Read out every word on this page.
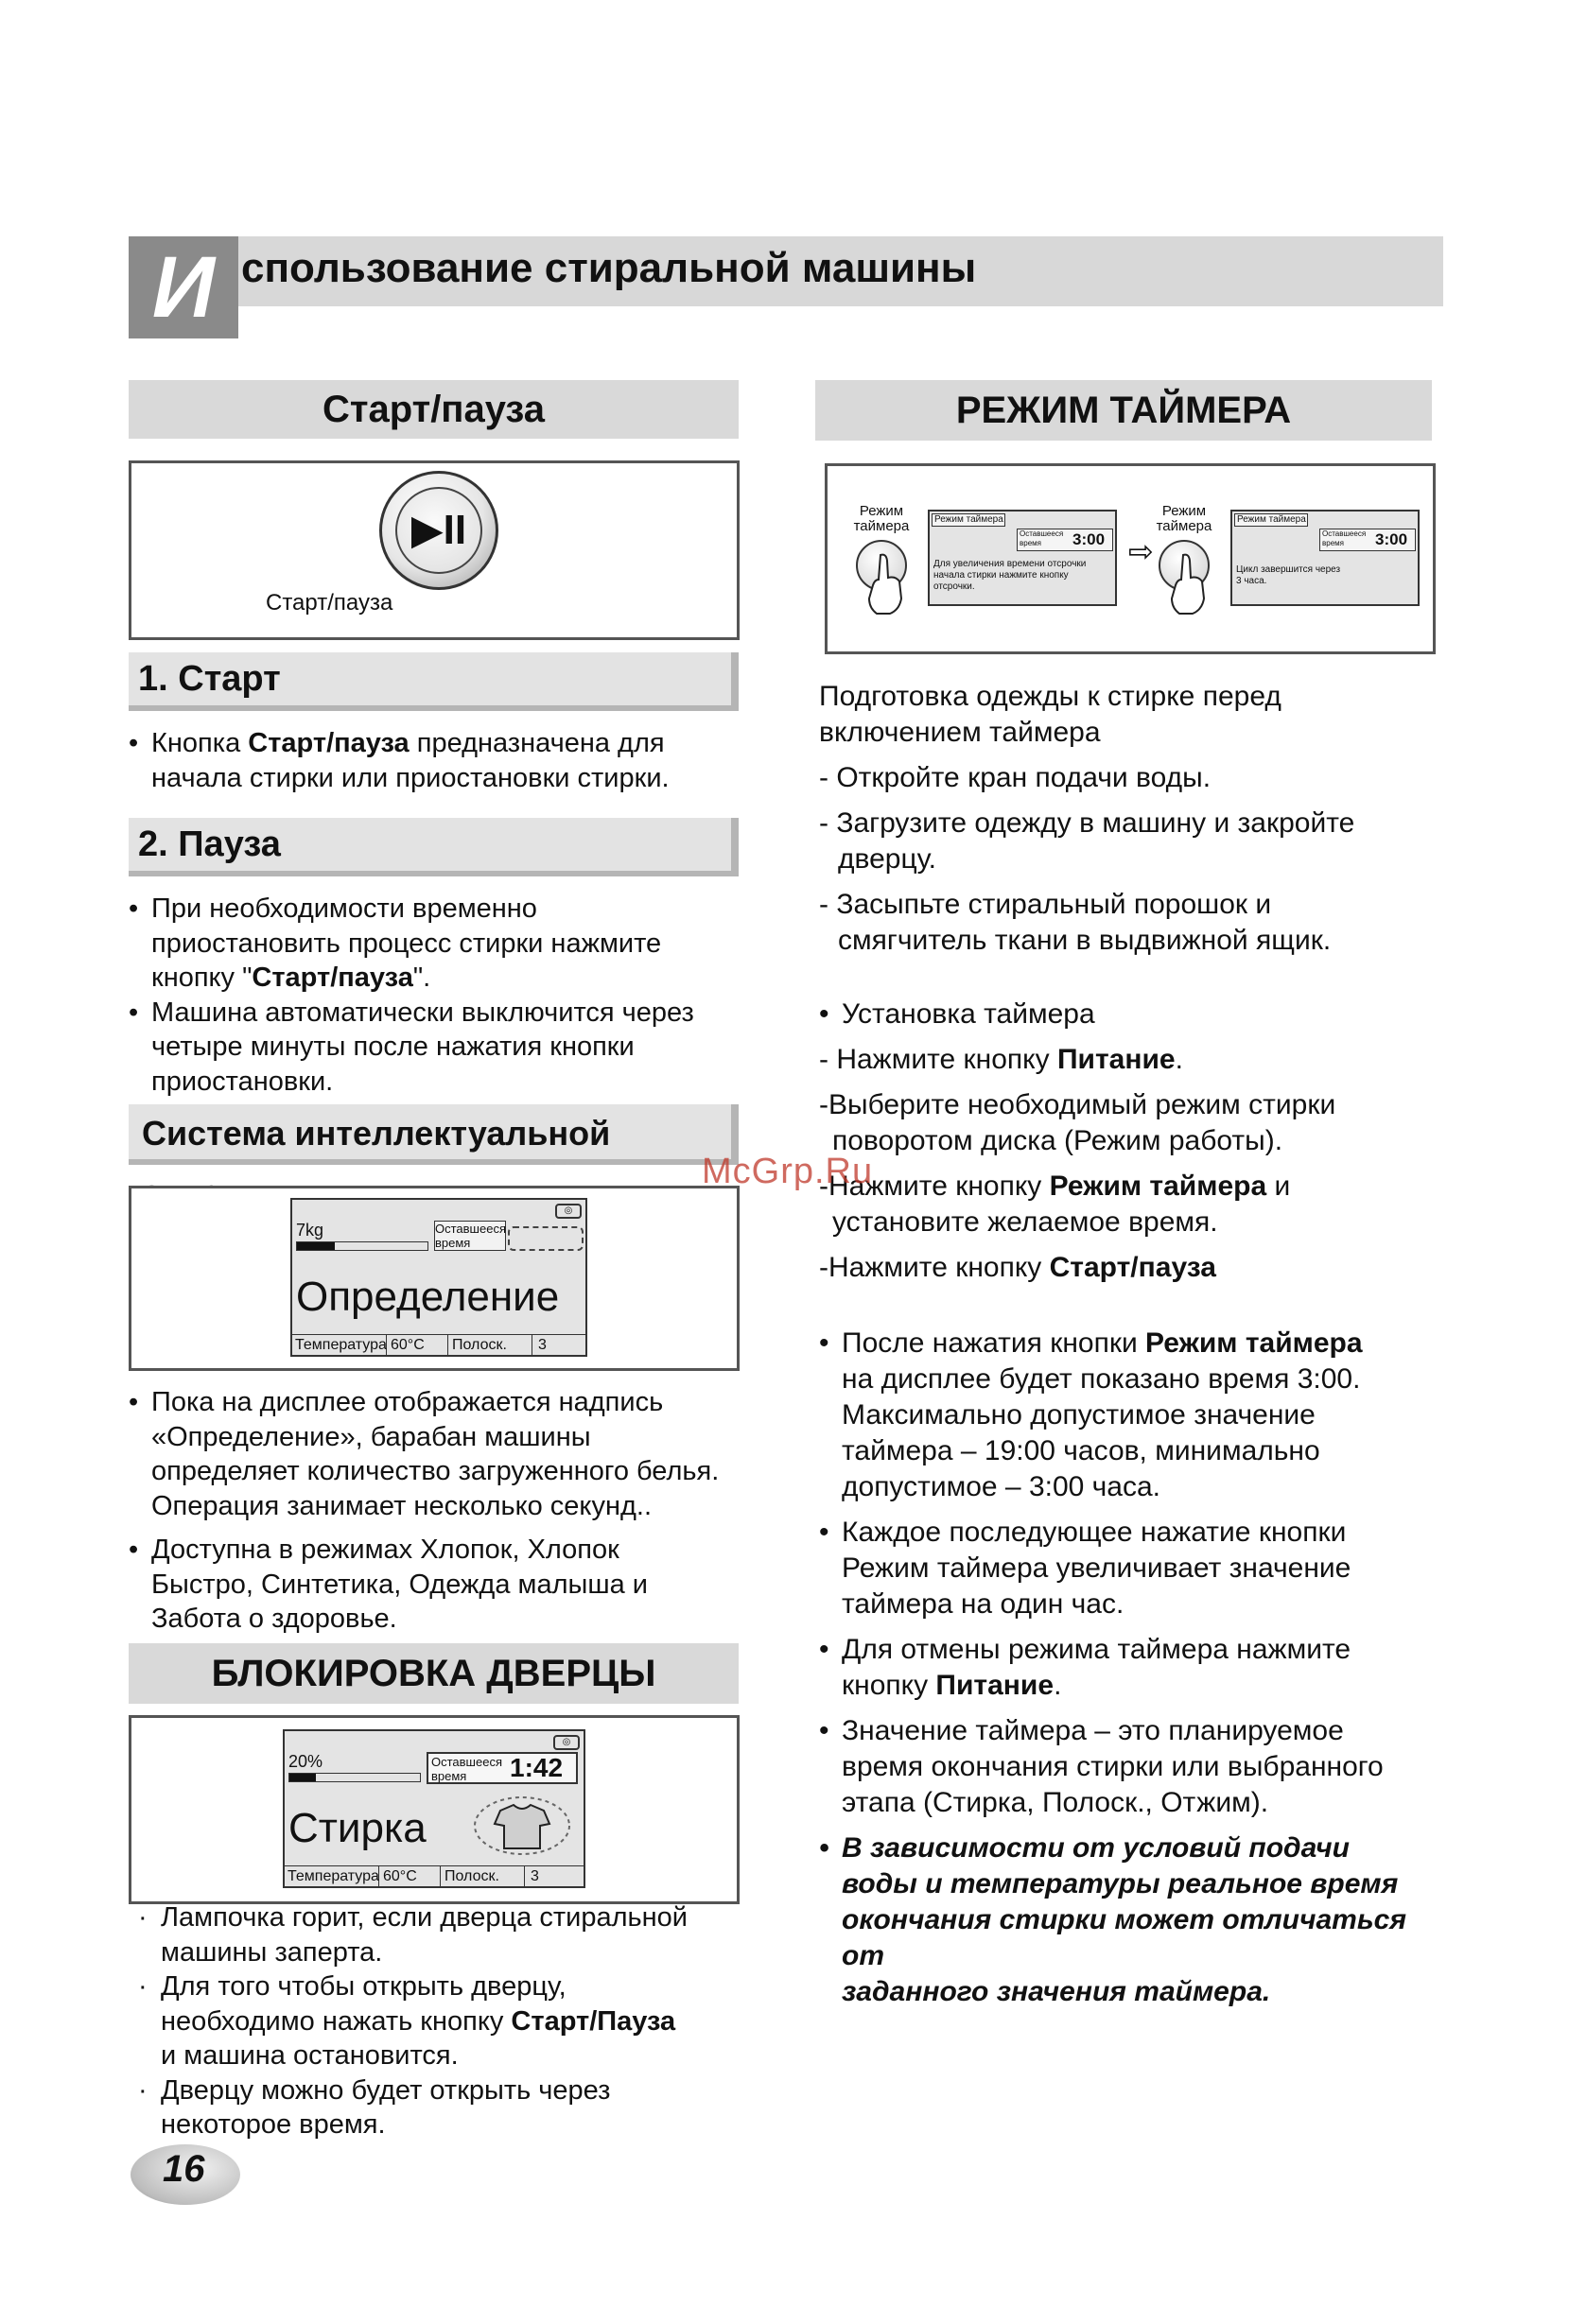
И спользование стиральной машины
Старт/пауза
▶II
Старт/пауза
1. Старт
• Кнопка Старт/пауза предназначена для

начала стирки или приостановки стирки.

2. Пауза
• При необходимости временно

приостановить процесс стирки нажмите

кнопку "Старт/пауза".

• Машина автоматически выключится через

четыре минуты после нажатия кнопки

приостановки.

Система интеллектуальной
◎
7kg	Оставшееся время
Определение
Температура 60°C Полоск. 3
• Пока на дисплее отображается надпись

«Определение», барабан машины

определяет количество загруженного белья.

Операция занимает несколько секунд..

• Доступна в режимах Хлопок, Хлопок

Быстро, Синтетика, Одежда малыша и

Забота о здоровье.

БЛОКИРОВКА ДВЕРЦЫ
◎
20%	Оставшееся время	1:42
Стирка
Температура 60°C Полоск. 3
· Лампочка горит, если дверца стиральной

машины заперта.

· Для того чтобы открыть дверцу,

необходимо нажать кнопку Старт/Пауза

и машина остановится.

· Дверцу можно будет открыть через

некоторое время.

16
РЕЖИМ ТАЙМЕРА
Режим
таймера	Режим таймера
Оставшееся время	3:00
Для увеличения времени отсрочки
начала стирки нажмите кнопку
отсрочки.
⇨
Режим
таймера	Режим таймера
Оставшееся время	3:00
Цикл завершится через
3 часа.

Подготовка одежды к стирке перед

включением таймера

- Откройте кран подачи воды.

- Загрузите одежду в машину и закройте

дверцу.

- Засыпьте стиральный порошок и

смягчитель ткани в выдвижной ящик.

• Установка таймера

- Нажмите кнопку Питание.

-Выберите необходимый режим стирки

поворотом диска (Режим работы).

-Нажмите кнопку Режим таймера и

установите желаемое время.

-Нажмите кнопку Старт/пауза

• После нажатия кнопки Режим таймера

на дисплее будет показано время 3:00.

Максимально допустимое значение

таймера – 19:00 часов, минимально

допустимое – 3:00 часа.

• Каждое последующее нажатие кнопки

Режим таймера увеличивает значение

таймера на один час.

• Для отмены режима таймера нажмите

кнопку Питание.

• Значение таймера – это планируемое

время окончания стирки или выбранного

этапа (Стирка, Полоск., Отжим).

• В зависимости от условий подачи

воды и температуры реальное время

окончания стирки может отличаться от

заданного значения таймера.

McGrp.Ru
